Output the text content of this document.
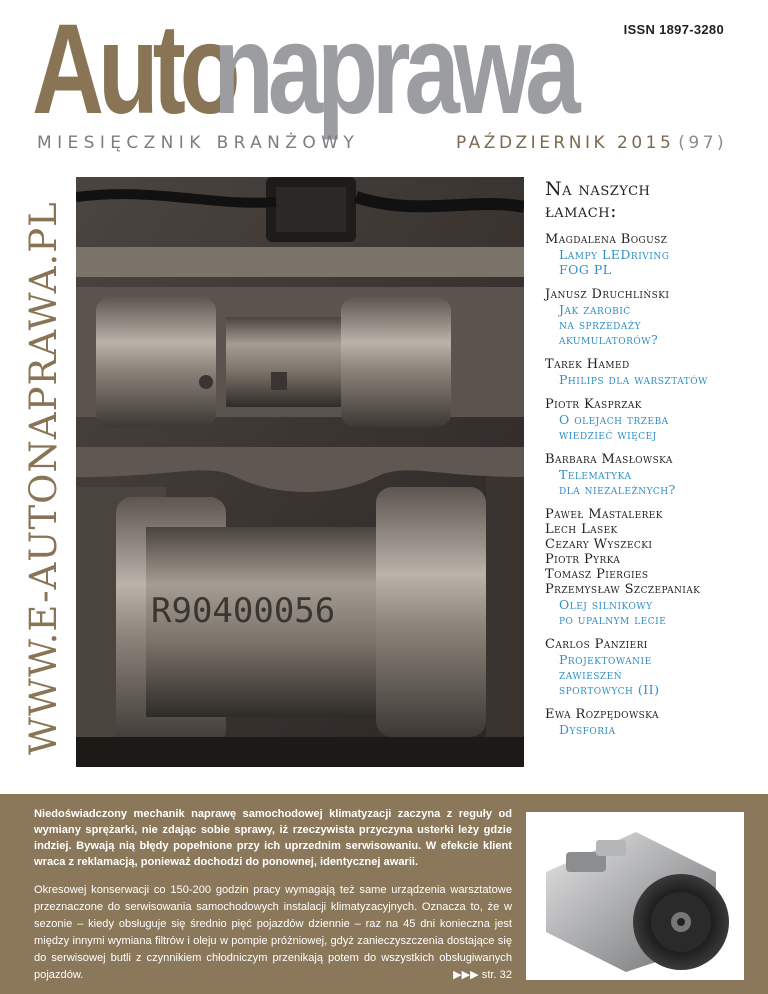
ISSN 1897-3280
Autonaprawa
MIESIĘCZNIK BRANŻOWY	PAŹDZIERNIK 2015 (97)
WWW.E-AUTONAPRAWA.PL	R90400056
Na naszych
łamach:
Magdalena Bogusz
Lampy LEDriving
FOG PL
Janusz Druchliński
Jak zarobić
na sprzedaży
akumulatorów?
Tarek Hamed
Philips dla warsztatów
Piotr Kasprzak
O olejach trzeba
wiedzieć więcej
Barbara Masłowska
Telematyka
dla niezależnych?
Paweł Mastalerek
Lech Lasek
Cezary Wyszecki
Piotr Pyrka
Tomasz Piergies
Przemysław Szczepaniak
Olej silnikowy
po upalnym lecie
Carlos Panzieri
Projektowanie
zawieszeń
sportowych (II)
Ewa Rozpędowska
Dysforia
Niedoświadczony mechanik naprawę samochodowej klimatyzacji zaczyna z reguły od wymiany sprężarki, nie zdając sobie sprawy, iż rzeczywista przyczyna usterki leży gdzie indziej. Bywają nią błędy popełnione przy ich uprzednim serwisowaniu. W efekcie klient wraca z reklamacją, ponieważ dochodzi do ponownej, identycznej awarii.
Okresowej konserwacji co 150-200 godzin pracy wymagają też same urządzenia warsztatowe przeznaczone do serwisowania samochodowych instalacji klimatyzacyjnych. Oznacza to, że w sezonie – kiedy obsługuje się średnio pięć pojazdów dziennie – raz na 45 dni konieczna jest między innymi wymiana filtrów i oleju w pompie próżniowej, gdyż zanieczyszczenia dostające się do serwisowej butli z czynnikiem chłodniczym przenikają potem do wszystkich obsługiwanych pojazdów.	▶▶▶ str. 32
